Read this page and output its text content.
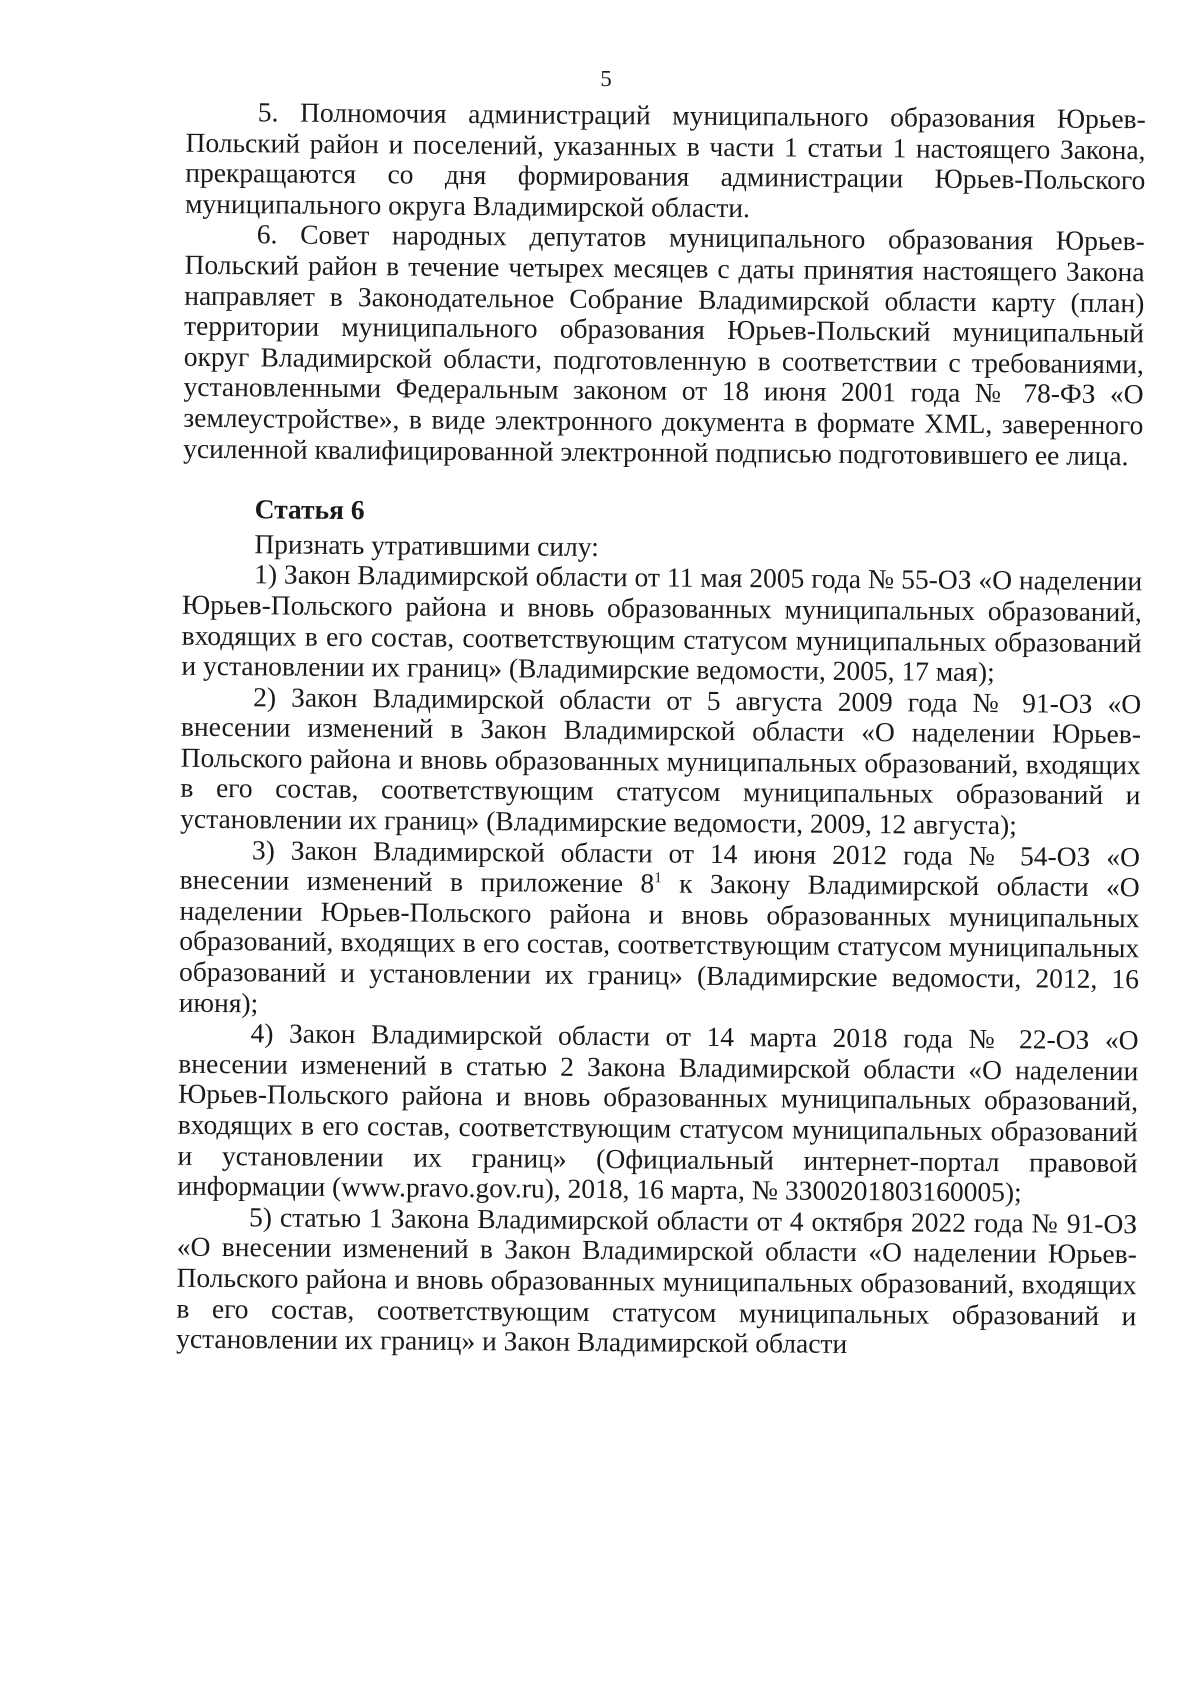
5

5. Полномочия администраций муниципального образования Юрьев-Польский район и поселений, указанных в части 1 статьи 1 настоящего Закона, прекращаются со дня формирования администрации Юрьев-Польского муниципального округа Владимирской области.

6. Совет народных депутатов муниципального образования Юрьев-Польский район в течение четырех месяцев с даты принятия настоящего Закона направляет в Законодательное Собрание Владимирской области карту (план) территории муниципального образования Юрьев-Польский муниципальный округ Владимирской области, подготовленную в соответствии с требованиями, установленными Федеральным законом от 18 июня 2001 года № 78-ФЗ «О землеустройстве», в виде электронного документа в формате XML, заверенного усиленной квалифицированной электронной подписью подготовившего ее лица.

Статья 6
Признать утратившими силу:

1) Закон Владимирской области от 11 мая 2005 года № 55-ОЗ «О наделении Юрьев-Польского района и вновь образованных муниципальных образований, входящих в его состав, соответствующим статусом муниципальных образований и установлении их границ» (Владимирские ведомости, 2005, 17 мая);

2) Закон Владимирской области от 5 августа 2009 года № 91-ОЗ «О внесении изменений в Закон Владимирской области «О наделении Юрьев-Польского района и вновь образованных муниципальных образований, входящих в его состав, соответствующим статусом муниципальных образований и установлении их границ» (Владимирские ведомости, 2009, 12 августа);

3) Закон Владимирской области от 14 июня 2012 года № 54-ОЗ «О внесении изменений в приложение $8^1$ к Закону Владимирской области «О наделении Юрьев-Польского района и вновь образованных муниципальных образований, входящих в его состав, соответствующим статусом муниципальных образований и установлении их границ» (Владимирские ведомости, 2012, 16 июня);

4) Закон Владимирской области от 14 марта 2018 года № 22-ОЗ «О внесении изменений в статью 2 Закона Владимирской области «О наделении Юрьев-Польского района и вновь образованных муниципальных образований, входящих в его состав, соответствующим статусом муниципальных образований и установлении их границ» (Официальный интернет-портал правовой информации (www.pravo.gov.ru), 2018, 16 марта, № 3300201803160005);

5) статью 1 Закона Владимирской области от 4 октября 2022 года № 91-ОЗ «О внесении изменений в Закон Владимирской области «О наделении Юрьев-Польского района и вновь образованных муниципальных образований, входящих в его состав, соответствующим статусом муниципальных образований и установлении их границ» и Закон Владимирской области
